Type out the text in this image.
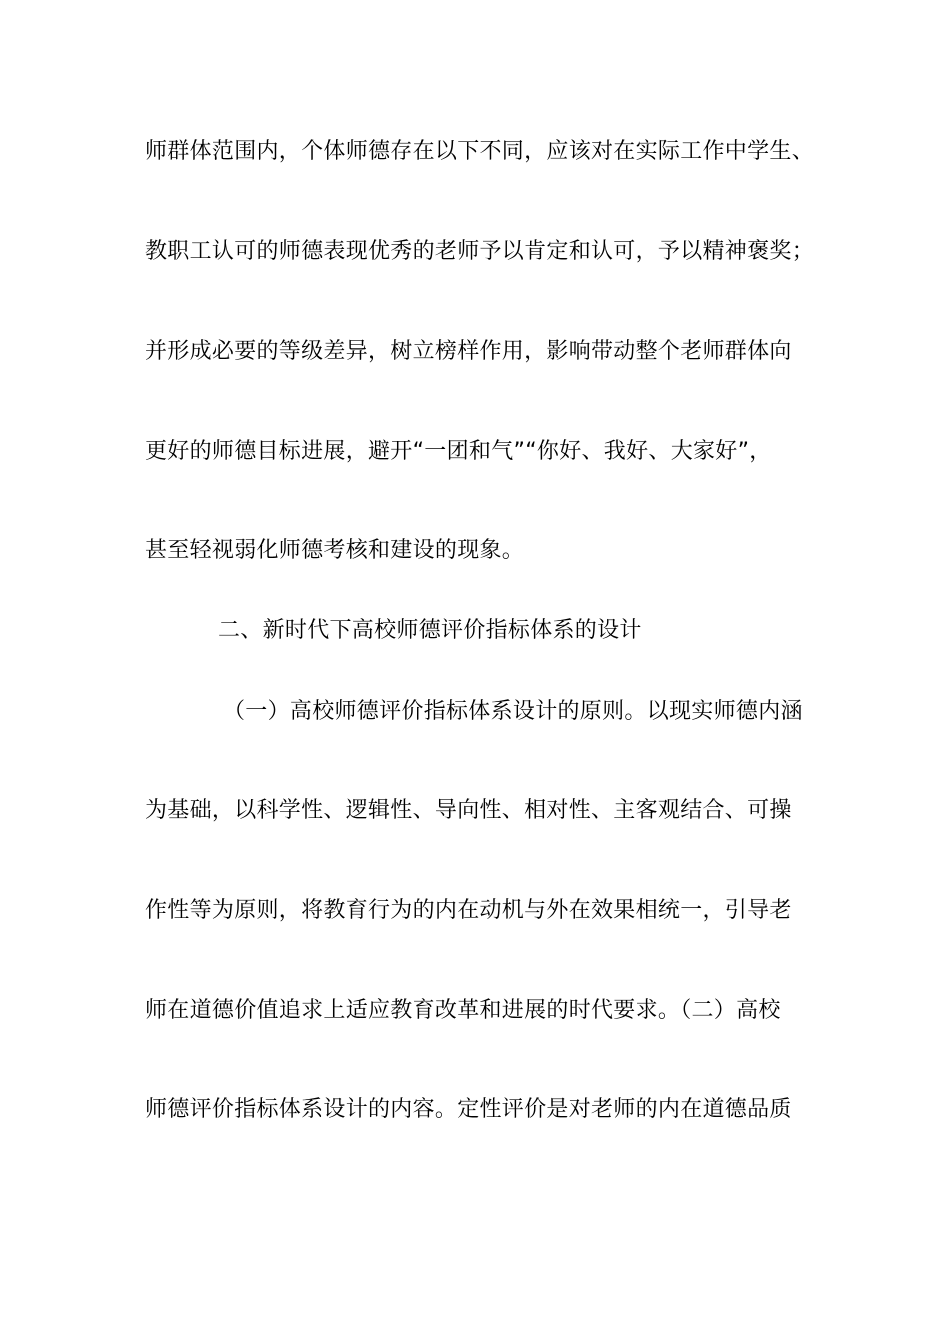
师群体范围内，个体师德存在以下不同，应该对在实际工作中学生、
教职工认可的师德表现优秀的老师予以肯定和认可，予以精神褒奖；
并形成必要的等级差异，树立榜样作用，影响带动整个老师群体向
更好的师德目标进展，避开“一团和气”“你好、我好、大家好”，
甚至轻视弱化师德考核和建设的现象。
二、新时代下高校师德评价指标体系的设计
（一）高校师德评价指标体系设计的原则。以现实师德内涵
为基础，以科学性、逻辑性、导向性、相对性、主客观结合、可操
作性等为原则，将教育行为的内在动机与外在效果相统一，引导老
师在道德价值追求上适应教育改革和进展的时代要求。（二）高校
师德评价指标体系设计的内容。定性评价是对老师的内在道德品质
